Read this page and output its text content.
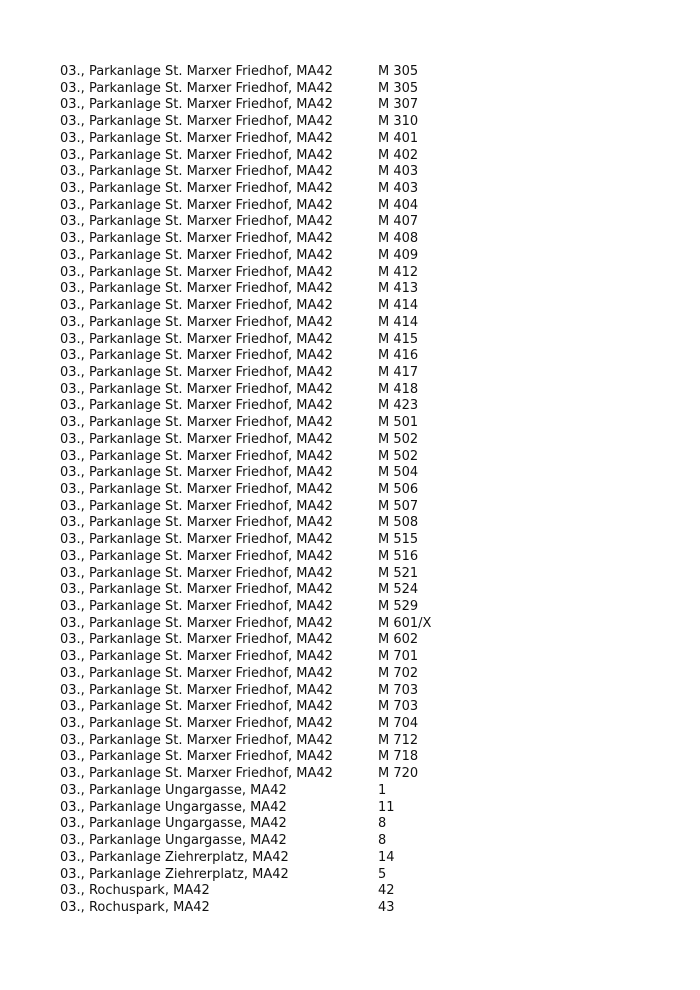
03., Parkanlage St. Marxer Friedhof, MA42	M 305
03., Parkanlage St. Marxer Friedhof, MA42	M 305
03., Parkanlage St. Marxer Friedhof, MA42	M 307
03., Parkanlage St. Marxer Friedhof, MA42	M 310
03., Parkanlage St. Marxer Friedhof, MA42	M 401
03., Parkanlage St. Marxer Friedhof, MA42	M 402
03., Parkanlage St. Marxer Friedhof, MA42	M 403
03., Parkanlage St. Marxer Friedhof, MA42	M 403
03., Parkanlage St. Marxer Friedhof, MA42	M 404
03., Parkanlage St. Marxer Friedhof, MA42	M 407
03., Parkanlage St. Marxer Friedhof, MA42	M 408
03., Parkanlage St. Marxer Friedhof, MA42	M 409
03., Parkanlage St. Marxer Friedhof, MA42	M 412
03., Parkanlage St. Marxer Friedhof, MA42	M 413
03., Parkanlage St. Marxer Friedhof, MA42	M 414
03., Parkanlage St. Marxer Friedhof, MA42	M 414
03., Parkanlage St. Marxer Friedhof, MA42	M 415
03., Parkanlage St. Marxer Friedhof, MA42	M 416
03., Parkanlage St. Marxer Friedhof, MA42	M 417
03., Parkanlage St. Marxer Friedhof, MA42	M 418
03., Parkanlage St. Marxer Friedhof, MA42	M 423
03., Parkanlage St. Marxer Friedhof, MA42	M 501
03., Parkanlage St. Marxer Friedhof, MA42	M 502
03., Parkanlage St. Marxer Friedhof, MA42	M 502
03., Parkanlage St. Marxer Friedhof, MA42	M 504
03., Parkanlage St. Marxer Friedhof, MA42	M 506
03., Parkanlage St. Marxer Friedhof, MA42	M 507
03., Parkanlage St. Marxer Friedhof, MA42	M 508
03., Parkanlage St. Marxer Friedhof, MA42	M 515
03., Parkanlage St. Marxer Friedhof, MA42	M 516
03., Parkanlage St. Marxer Friedhof, MA42	M 521
03., Parkanlage St. Marxer Friedhof, MA42	M 524
03., Parkanlage St. Marxer Friedhof, MA42	M 529
03., Parkanlage St. Marxer Friedhof, MA42	M 601/X
03., Parkanlage St. Marxer Friedhof, MA42	M 602
03., Parkanlage St. Marxer Friedhof, MA42	M 701
03., Parkanlage St. Marxer Friedhof, MA42	M 702
03., Parkanlage St. Marxer Friedhof, MA42	M 703
03., Parkanlage St. Marxer Friedhof, MA42	M 703
03., Parkanlage St. Marxer Friedhof, MA42	M 704
03., Parkanlage St. Marxer Friedhof, MA42	M 712
03., Parkanlage St. Marxer Friedhof, MA42	M 718
03., Parkanlage St. Marxer Friedhof, MA42	M 720
03., Parkanlage Ungargasse, MA42	1
03., Parkanlage Ungargasse, MA42	11
03., Parkanlage Ungargasse, MA42	8
03., Parkanlage Ungargasse, MA42	8
03., Parkanlage Ziehrerplatz, MA42	14
03., Parkanlage Ziehrerplatz, MA42	5
03., Rochuspark, MA42	42
03., Rochuspark, MA42	43
